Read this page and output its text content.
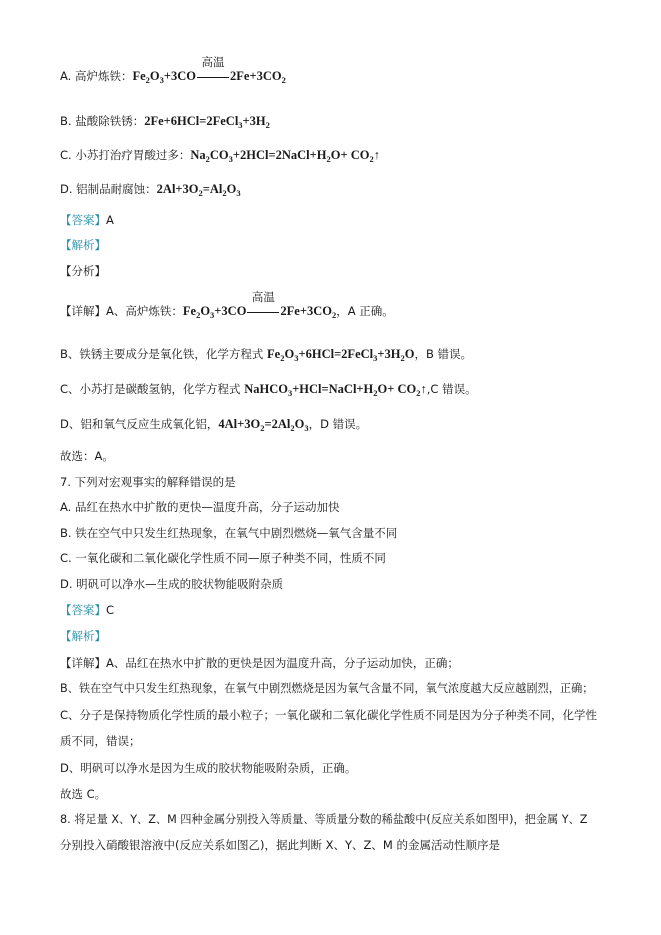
A. 高炉炼铁：$Fe_2O_3+3CO$
高温
$2Fe+3CO_2$
B. 盐酸除铁锈：$2Fe+6HCl=2FeCl_3+3H_2$
C. 小苏打治疗胃酸过多：$Na_2CO_3+2HCl=2NaCl+H_2O+$ $CO_2↑$
D. 铝制品耐腐蚀：$2Al+3O_2=Al_2O_3$
【答案】A
【解析】
【分析】
【详解】A、高炉炼铁：$Fe_2O_3+3CO$
高温
$2Fe+3CO_2$，A 正确。
B、铁锈主要成分是氧化铁，化学方程式 $Fe_2O_3+6HCl=2FeCl_3+3H_2O$，B 错误。
C、小苏打是碳酸氢钠，化学方程式 $NaHCO_3+HCl=NaCl+H_2O+$ $CO_2↑,C$ 错误。
D、铝和氧气反应生成氧化铝，$4Al+3O_2=2Al_2O_3$，D 错误。
故选：A。
7. 下列对宏观事实的解释错误的是
A. 品红在热水中扩散的更快—温度升高，分子运动加快
B. 铁在空气中只发生红热现象，在氧气中剧烈燃烧—氧气含量不同
C. 一氧化碳和二氧化碳化学性质不同—原子种类不同，性质不同
D. 明矾可以净水—生成的胶状物能吸附杂质
【答案】C
【解析】
【详解】A、品红在热水中扩散的更快是因为温度升高，分子运动加快，正确；
B、铁在空气中只发生红热现象，在氧气中剧烈燃烧是因为氧气含量不同，氧气浓度越大反应越剧烈，正确；
C、分子是保持物质化学性质的最小粒子；一氧化碳和二氧化碳化学性质不同是因为分子种类不同，化学性
质不同，错误；
D、明矾可以净水是因为生成的胶状物能吸附杂质，正确。
故选 C。
8. 将足量 X、Y、Z、M 四种金属分别投入等质量、等质量分数的稀盐酸中(反应关系如图甲)，把金属 Y、Z
分别投入硝酸银溶液中(反应关系如图乙)，据此判断 X、Y、Z、M 的金属活动性顺序是
